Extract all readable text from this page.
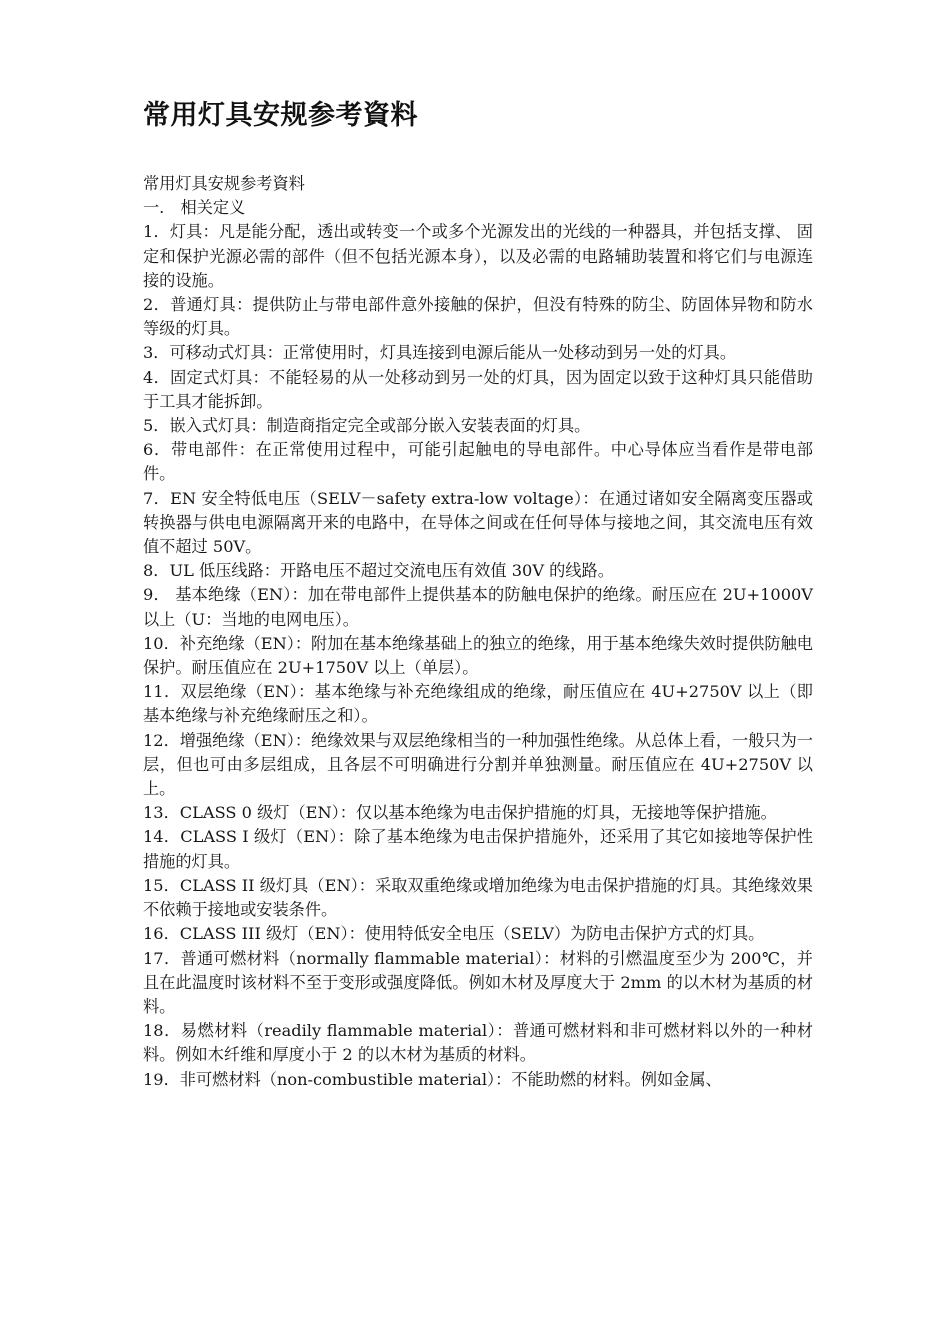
常用灯具安规参考資料

常用灯具安规参考資料

一.　相关定义

1．灯具：凡是能分配，透出或转变一个或多个光源发出的光线的一种器具，并包括支撑、 固定和保护光源必需的部件（但不包括光源本身），以及必需的电路辅助装置和将它们与电源连接的设施。

2．普通灯具：提供防止与带电部件意外接触的保护，但没有特殊的防尘、防固体异物和防水等级的灯具。

3．可移动式灯具：正常使用时，灯具连接到电源后能从一处移动到另一处的灯具。

4．固定式灯具：不能轻易的从一处移动到另一处的灯具，因为固定以致于这种灯具只能借助于工具才能拆卸。

5．嵌入式灯具：制造商指定完全或部分嵌入安装表面的灯具。

6．带电部件：在正常使用过程中，可能引起触电的导电部件。中心导体应当看作是带电部件。

7．EN 安全特低电压（SELV－safety extra-low voltage）：在通过诸如安全隔离变压器或转换器与供电电源隔离开来的电路中，在导体之间或在任何导体与接地之间，其交流电压有效值不超过 50V。

8．UL 低压线路：开路电压不超过交流电压有效值 30V 的线路。

9． 基本绝缘（EN）：加在带电部件上提供基本的防触电保护的绝缘。耐压应在 2U+1000V 以上（U：当地的电网电压）。

10．补充绝缘（EN）：附加在基本绝缘基础上的独立的绝缘，用于基本绝缘失效时提供防触电保护。耐压值应在 2U+1750V 以上（单层）。

11．双层绝缘（EN）：基本绝缘与补充绝缘组成的绝缘，耐压值应在 4U+2750V 以上（即基本绝缘与补充绝缘耐压之和）。

12．增强绝缘（EN）：绝缘效果与双层绝缘相当的一种加强性绝缘。从总体上看，一般只为一层，但也可由多层组成，且各层不可明确进行分割并单独测量。耐压值应在 4U+2750V 以上。

13．CLASS 0 级灯（EN）：仅以基本绝缘为电击保护措施的灯具，无接地等保护措施。

14．CLASS I 级灯（EN）：除了基本绝缘为电击保护措施外，还采用了其它如接地等保护性措施的灯具。

15．CLASS II 级灯具（EN）：采取双重绝缘或增加绝缘为电击保护措施的灯具。其绝缘效果不依赖于接地或安装条件。

16．CLASS III 级灯（EN）：使用特低安全电压（SELV）为防电击保护方式的灯具。

17．普通可燃材料（normally flammable material）：材料的引燃温度至少为 200℃，并且在此温度时该材料不至于变形或强度降低。例如木材及厚度大于 2mm 的以木材为基质的材料。

18．易燃材料（readily flammable material）：普通可燃材料和非可燃材料以外的一种材料。例如木纤维和厚度小于 2 的以木材为基质的材料。

19．非可燃材料（non-combustible material）：不能助燃的材料。例如金属、
